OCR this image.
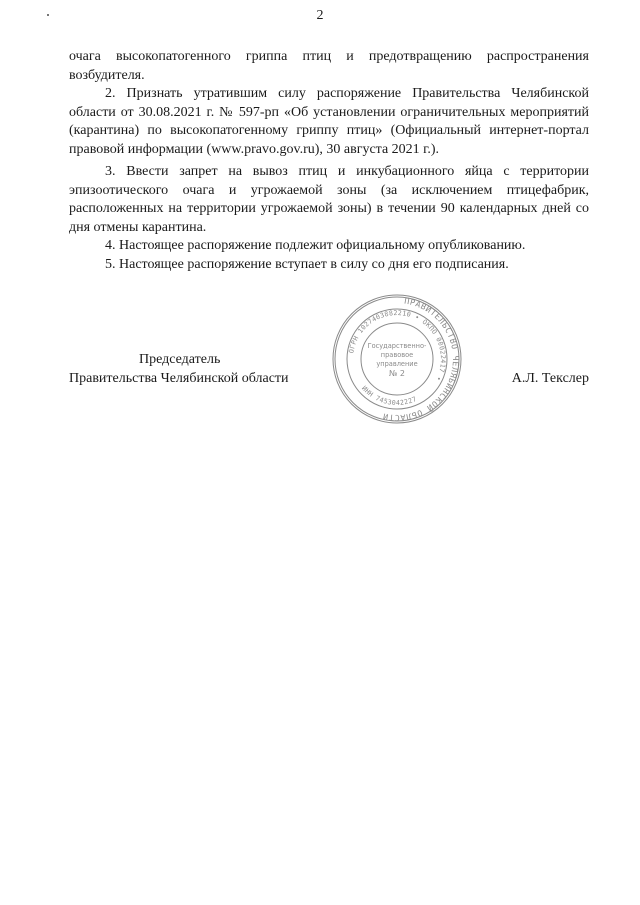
2

очага высокопатогенного гриппа птиц и предотвращению распространения возбудителя.

2. Признать утратившим силу распоряжение Правительства Челябинской области от 30.08.2021 г. № 597-рп «Об установлении ограничительных мероприятий (карантина) по высокопатогенному гриппу птиц» (Официальный интернет-портал правовой информации (www.pravo.gov.ru), 30 августа 2021 г.).

3. Ввести запрет на вывоз птиц и инкубационного яйца с территории эпизоотического очага и угрожаемой зоны (за исключением птицефабрик, расположенных на территории угрожаемой зоны) в течении 90 календарных дней со дня отмены карантина.

4. Настоящее распоряжение подлежит официальному опубликованию.

5. Настоящее распоряжение вступает в силу со дня его подписания.

ПРАВИТЕЛЬСТВО ЧЕЛЯБИНСКОЙ ОБЛАСТИ
ОГРН 1027403882210 • ОКПО 00022417 •
ИНН 7453042227
Государственно-
правовое
управление
№ 2
Председатель
Правительства Челябинской области	А.Л. Текслер
